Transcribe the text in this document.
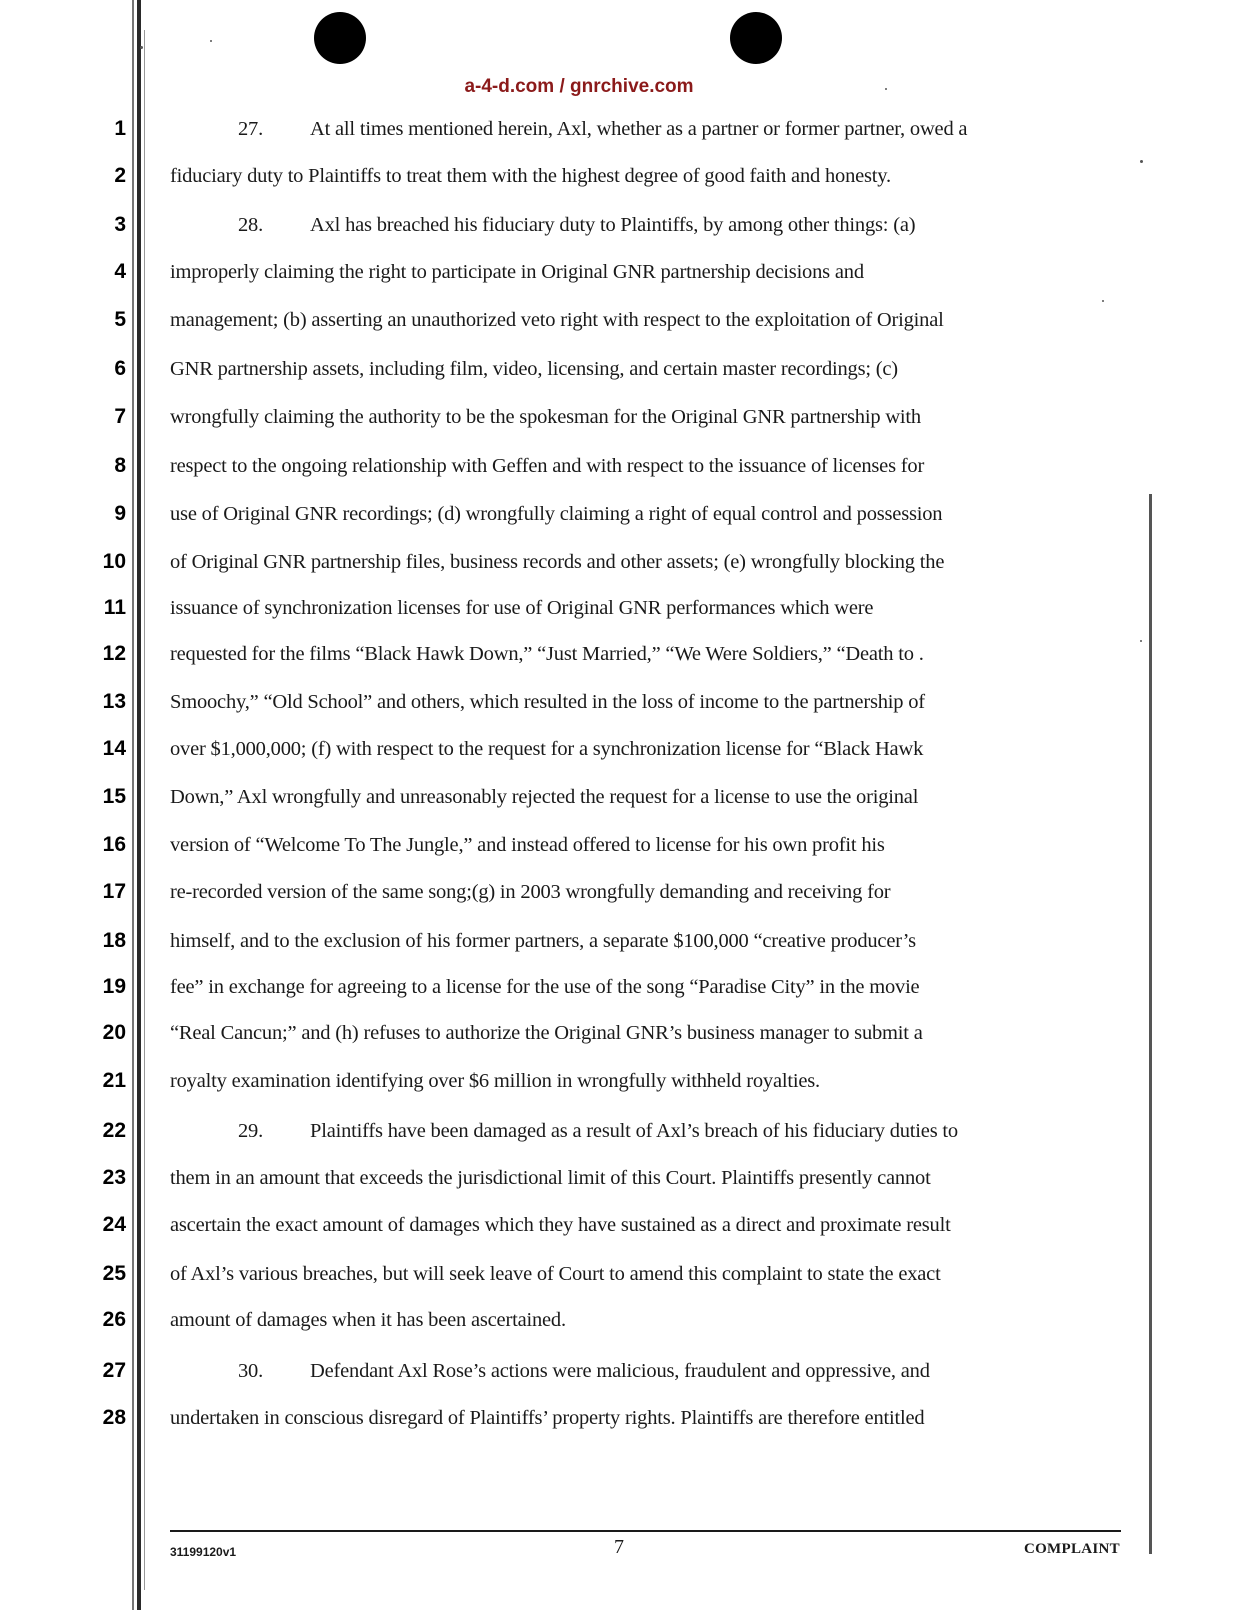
a-4-d.com / gnrchive.com
1
2
3
4
5
6
7
8
9
10
11
12
13
14
15
16
17
18
19
20
21
22
23
24
25
26
27
28
27. At all times mentioned herein, Axl, whether as a partner or former partner, owed a
fiduciary duty to Plaintiffs to treat them with the highest degree of good faith and honesty.
28. Axl has breached his fiduciary duty to Plaintiffs, by among other things: (a)
improperly claiming the right to participate in Original GNR partnership decisions and
management; (b) asserting an unauthorized veto right with respect to the exploitation of Original
GNR partnership assets, including film, video, licensing, and certain master recordings; (c)
wrongfully claiming the authority to be the spokesman for the Original GNR partnership with
respect to the ongoing relationship with Geffen and with respect to the issuance of licenses for
use of Original GNR recordings; (d) wrongfully claiming a right of equal control and possession
of Original GNR partnership files, business records and other assets; (e) wrongfully blocking the
issuance of synchronization licenses for use of Original GNR performances which were
requested for the films “Black Hawk Down,” “Just Married,” “We Were Soldiers,” “Death to .
Smoochy,” “Old School” and others, which resulted in the loss of income to the partnership of
over $1,000,000; (f) with respect to the request for a synchronization license for “Black Hawk
Down,” Axl wrongfully and unreasonably rejected the request for a license to use the original
version of “Welcome To The Jungle,” and instead offered to license for his own profit his
re-recorded version of the same song;(g) in 2003 wrongfully demanding and receiving for
himself, and to the exclusion of his former partners, a separate $100,000 “creative producer’s
fee” in exchange for agreeing to a license for the use of the song “Paradise City” in the movie
“Real Cancun;” and (h) refuses to authorize the Original GNR’s business manager to submit a
royalty examination identifying over $6 million in wrongfully withheld royalties.
29. Plaintiffs have been damaged as a result of Axl’s breach of his fiduciary duties to
them in an amount that exceeds the jurisdictional limit of this Court. Plaintiffs presently cannot
ascertain the exact amount of damages which they have sustained as a direct and proximate result
of Axl’s various breaches, but will seek leave of Court to amend this complaint to state the exact
amount of damages when it has been ascertained.
30. Defendant Axl Rose’s actions were malicious, fraudulent and oppressive, and
undertaken in conscious disregard of Plaintiffs’ property rights. Plaintiffs are therefore entitled
31199120v1	7	COMPLAINT
